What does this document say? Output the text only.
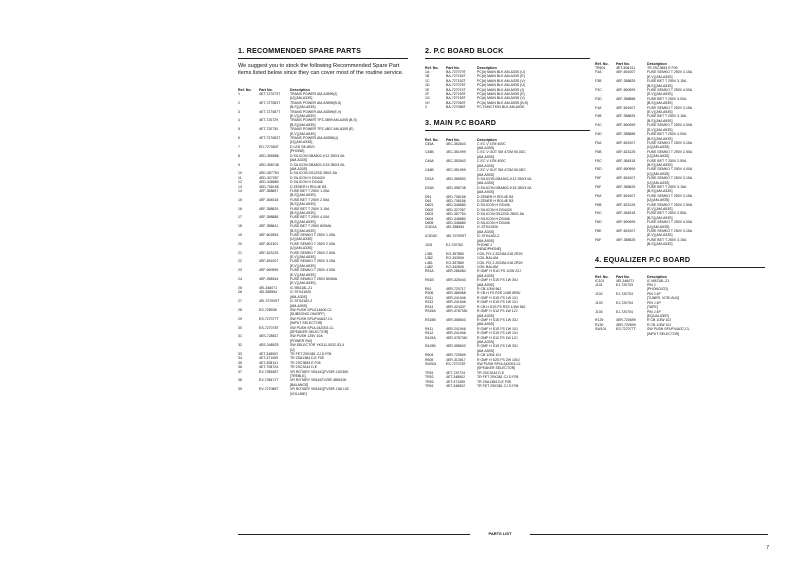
1. RECOMMENDED SPARE PARTS
We suggest you to stock the following Recommended Spare Part items listed below since they can cover most of the routine service.
Ref. No.	Part No.	Description
1	4ET-727073T	TRANS POWER AM-A3599(J)
[U] [AM-A33S]
2	4ET-727083T	TRANS POWER AM-A3599(B,S)
[B,S] [AM-A93S]
3	4ET-727087T	TRANS POWER AM-A5399(E,V)
[E,V] [AM-A93S]
4	4ET-720729	TRANS POWER TPZ-4899 AM-A305 (B,S)
[B,S] [AM-A93S]
5	4ET-720730	TRANS POWER TPZ-4807 AM-A305 (E)
[E,V] [AM-A93S]
6	4ET-727083T	TRANS POWER AM-A5359(U)
[U] [AM-A33S]
7	ED-727084T	D LED SE-8921
[PHONE]
8	4ED-365588	D SILICON DBA60C-K12 250/3.0A
[AM-A33S]
9	4ED-358748	D SILICON DBA80C-K15 280/3.0A
[AM-A33S]
10	4ED-357754	D SILICON DS12SD 280/1.5A
11	4ED-327057	D SILICON H DS442X
12	4ED-348680	D SILICON H DS446
13	4ED-708156	D ZENER H RD14E B3
14	4EF-358857	FUSE BET T 250V 1.25A
[B,S] [AM-A93S]
15	4EF-364518	FUSE BET T 250V 2.50A
[B,S] [AM-A93S]
16	4EF-358825	FUSE BET T 250V 3.15A
[B,S] [AM-A93S]
17	4EF-358888	FUSE BET T 250V 4.00A
[B,S] [AM-A93S]
18	4EF-358841	FUSE BET T 250V 800MA
[B,S] [AM-A93S]
19	4EF-602593	FUSE SEMKO T 250V 1.25A
[U] [AM-A33S]
20	4EF-601301	FUSE SEMKO T 250V 2.00A
[U] [AM-A33S]
21	4EF-623125	FUSE SEMKO T 250V 2.50A
[E,V] [AM-A93S]
22	4EF-691007	FUSE SEMKO T 250V 3.15A
[E,V] [AM-A93S]
23	4EF-690999	FUSE SEMKO T 250V 4.00A
[E,V] [AM-A93S]
24	4EF-258344	FUSE SEMKO T 250V 800MA
[E,V] [AM-A93S]
25	4EI-346071	IC M5218L-21
26	4EI-358554	IC STK4152II
[AM-A33S]
27	4EI-707009T	IC STK4162-2
[AM-A93S]
28	ES-728938	SW PUSH SPUJ14A00-CL
[SUBSONIC ON/OFF]
29	ES-727077T	SW PUSH SPUP44A37-CL
[INPUT SELECTOR]
30	ES-727078T	SW PUSH SPUL24Z003-CL
[SPEAKER SELECTOR]
31	4ES-728817	SW PUSH 125V 10A
[POWER SW]
32	4ES-348878	SW SELECTOR YKS11-0032 S3-4
[U]
33	4ET-348502	TR FET 2SK381 CJ D F05
34	4ET-371059	TR 2SA1384 D,E F05
35	4ET-308141	TR 2SC3853 E F05
36	4ET-708724	TR 2SC3244 D,E
37	EV-728538T	VR ROTARY VB161QFV25F-15C50K
[TREBLE]
38	EV-728471T	VR ROTARY VB161FV25F-4BM10K
[BALANCE]
39	EV-727088T	VR ROTARY VB161QFV25F-15A 100
[VOLUME]
2. P.C BOARD BLOCK
Ref. No.	Part No.	Description
1A	BA-727079T	PC(#) MAIN BLK AM-A33S (U)
1B	BA-727154T	PC(#) MAIN BLK AM-A33S (E)
1C	BA-727152T	PC(#) MAIN BLK AM-A33S (V)
1D	BA-727076T	PC(#) MAIN BLK AM-A93S (U)
1E	BA-727074T	PC(#) MAIN BLK AM-A93S (J)
1F	BA-727159T	PC(#) MAIN BLK AM-A93S (E)
1G	BA-727155T	PC(#) MAIN BLK AM-A93S (V)
1H	BA-727069T	PC(#) MAIN BLK AM-A93S (B,S)
2	BA-727085T	PC FUNCTION BLK AM-A93S
3. MAIN P.C BOARD
Ref. No.	Part No.	Description
C45A	4EC-352643	C EC V 47M 400C
[AM-A33S]
C45B	4EC-351999	C EC V GUT SM 472M 50.0DC
[AM-A93S]
C46A	4EC-352643	C EC V 47M 400C
[AM-A33S]
C46B	4EC-351999	C EC V GUT SM 472M 50.0DC
[AM-A93S]
D31A	4ED-365593	D SILICON DBA30C-K12 250/3.0A
[AM-A33S]
D31B	4ED-358748	D SILICON DBA80C-K15 280/3.0A
[AM-A93S]
D51	4ED-708156	D ZENER H RD14E B3
D61	4ED-708156	D ZENER H RD14E B3
D601	4ED-348680	D SILICON H DS446
D602	4ED-327057	D SILICON H DS442X
D603	4ED-357754	D SILICON DS12SD 280/1.5A
D604	4ED-348680	D SILICON H DS446
D605	4ED-348680	D SILICON H DS446
IC301A	4EI-358554	IC STK4152II
[AM-A33S]
IC301B	4EI-707009T	IC STK4162-2
[AM-A93S]
J331	EJ-720762	PHONE J
[HEADPHONE]
L381	EO-357880	COIL FIX 2.2024M-018 2R2K
L382	EO-342606	COIL BALUM
L481	EO-357880	COIL FIX 2.2024M-018 2R2K
L482	EO-342606	COIL BALUM
R51A	4ER-286084	R OMF H S1O FS 1/2W 22J
[AM-A33S]
R51B	4ER-325043	R OMF H S1S FS 1W 39J
[AM-A93S]
R61	4ER-720717	R CB 1/3W 56J
R306	4ER-386968	R CB H FS R2S 1/4W 6R8J
R311	4ER-241946	R OMF H S1S FS 1W 10J
R312	4ER-241946	R OMF H S1S FS 1W 10J
R314	4ER-324337	R CB H S1S FS R2S 1/4W 56J
R315A	4ER-378735J	R OMF H S1Z FS 1W 12J
[AM-A33S]
R315B	4ER-358603	R OMF H S1S FS 1W 33J
[AM-A93S]
R411	4ER-241946	R OMF H S1S FS 1W 10J
R412	4ER-241946	R OMF H S1S FS 1W 10J
R415A	4ER-378735J	R OMF H S1Z FS 1W 12J
[AM-A33S]
R415B	4ER-358603	R OMF H S1S FS 1W 33J
[AM-A93S]
R604	4ER-720699	R CB 1/3W 10J
R605	4ER-313517	R OMF H S2S FS 2W 100J
SW301	ES-727078T	SW PUSH SPUL24Z003-CL
[SPEAKER SELECTOR]
TR51	4ET-720724	TR 2SC3244 D,E
TR52	4ET-348502	TR FET 2SK381 CJ D F05
TR53	4ET-371059	TR 2SA1384 D,E F05
TR61	4ET-348502	TR FET 2SK381 CJ D F05
Ref. No.	Part No.	Description
TR601	4ET-308141	TR 2SC3853 E F05
F3A	4EF-691007	FUSE SEMKO T 250V 3.15A
[E,V] [AM-A33S]
F3B	4EF-358825	FUSE BET T 250V 3.15A
[B,S] [AM-A33S]
F3C	4EF-690999	FUSE SEMKO T 250V 4.00A
[E,V] [AM-A93S]
F3D	4EF-358888	FUSE BET T 250V 4.00A
[B,S] [AM-A93S]
F4A	4EF-691007	FUSE SEMKO T 250V 3.15A
[E,V] [AM-A93S]
F4B	4EF-358825	FUSE BET T 250V 3.15A
[B,S] [AM-A93S]
F4C	4EF-690999	FUSE SEMKO T 250V 4.00A
[E,V] [AM-A93S]
F4D	4EF-358888	FUSE BET T 250V 4.00A
[B,S] [AM-A93S]
F5A	4EF-691007	FUSE SEMKO T 250V 3.15A
[U] [AM-A33S]
F5B	4EF-623125	FUSE SEMKO T 250V 2.50A
[U] [AM-A93S]
F5C	4EF-364518	FUSE BET T 250V 2.50A
[B,S] [AM-A93S]
F5D	4EF-690999	FUSE SEMKO T 250V 4.00A
[U] [AM-A93S]
F6F	4EF-691007	FUSE SEMKO T 250V 3.15A
[U] [AM-A33S]
F6F	4EF-358825	FUSE BET T 250V 3.15A
[B,S] [AM-A33S]
F6A	4EF-691007	FUSE SEMKO T 250V 3.15A
[U] [AM-A93S]
F6B	4EF-623125	FUSE SEMKO T 250V 2.50A
[E,V] [AM-A93S]
F6C	4EF-364518	FUSE BET T 250V 2.50A
[B,S] [AM-A93S]
F6D	4EF-690999	FUSE SEMKO T 250V 4.00A
[U] [AM-A93S]
F6E	4EF-691007	FUSE SEMKO T 250V 3.15A
[E,V] [AM-A33S]
F6F	4EF-358825	FUSE BET T 250V 3.15A
[B,S] [AM-A33S]
4. EQUALIZER P.C BOARD
Ref. No.	Part No.	Description
IC101	4EI-346071	IC M5218L-21
J101	EJ-720703	PIN J
[PHONO/CD]
J102	EJ-720704	PIN J 4P
[TUNER, VCR/ AUX]
J103	EJ-720704	PIN J 4P
[TAPE]
J104	EJ-720704	PIN J 4P
[EQUALIZER]
R129	4ER-720699	R CB 1/3W 10J
R130	4ER-720699	R CB 1/3W 10J
SW101	ES-727077T	SW PUSH SPUP44A37-CL
[INPUT SELECTOR]
PARTS LIST
7
